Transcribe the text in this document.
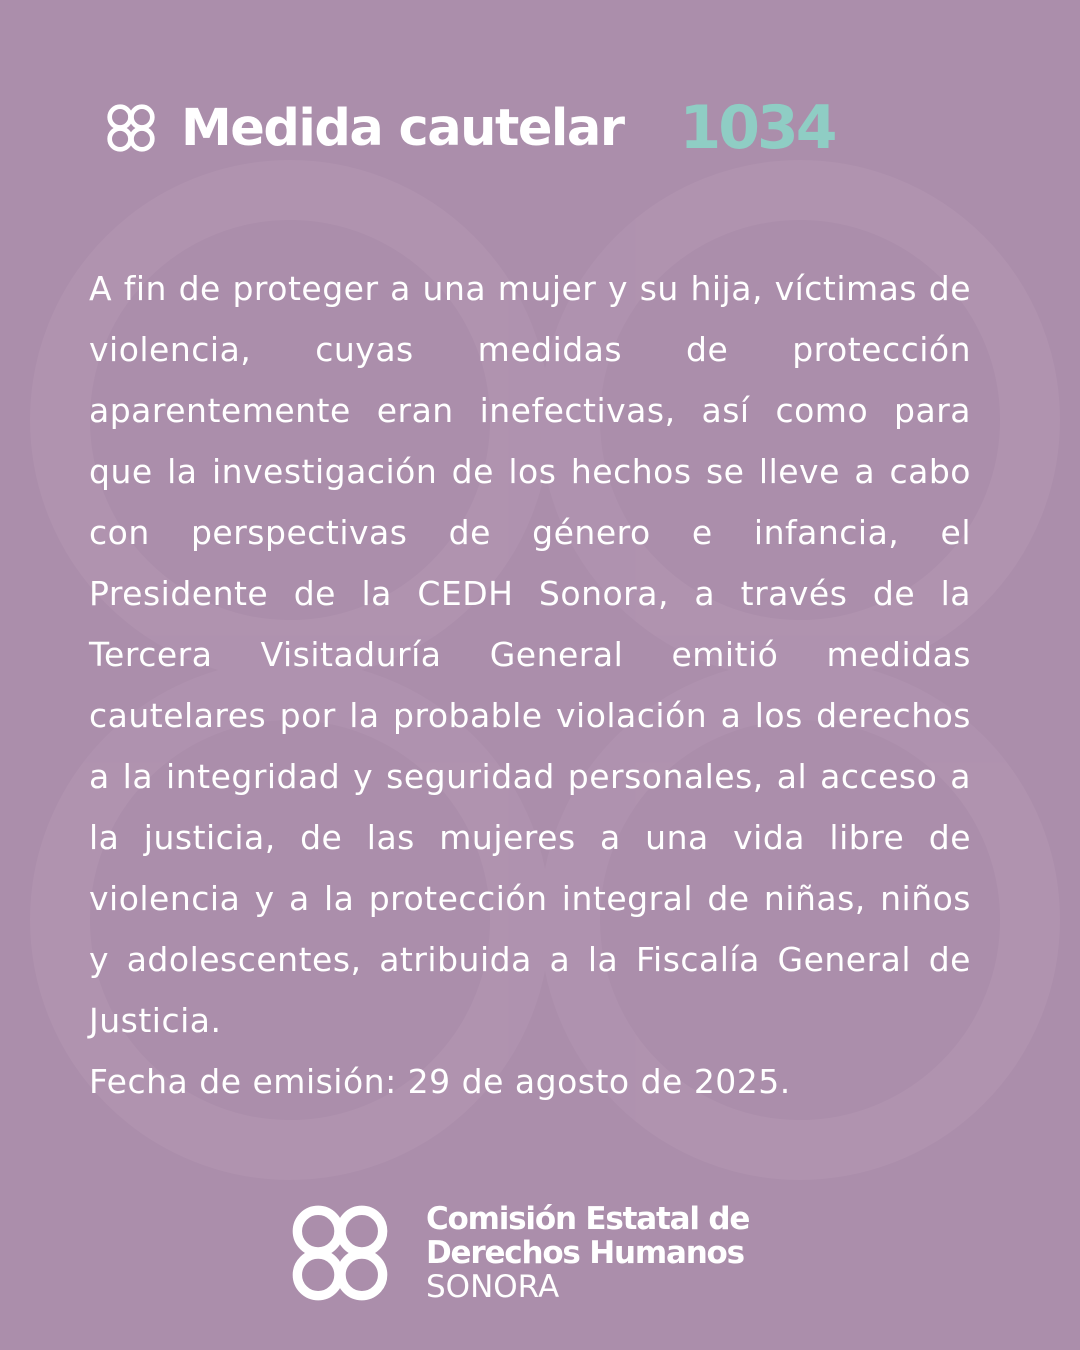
Medida cautelar 1034

A fin de proteger a una mujer y su hija, víctimas de violencia, cuyas medidas de protección aparentemente eran inefectivas, así como para que la investigación de los hechos se lleve a cabo con perspectivas de género e infancia, el Presidente de la CEDH Sonora, a través de la Tercera Visitaduría General emitió medidas cautelares por la probable violación a los derechos a la integridad y seguridad personales, al acceso a la justicia, de las mujeres a una vida libre de violencia y a la protección integral de niñas, niños y adolescentes, atribuida a la Fiscalía General de Justicia.

Fecha de emisión: 29 de agosto de 2025.

Comisión Estatal de
Derechos Humanos
SONORA
